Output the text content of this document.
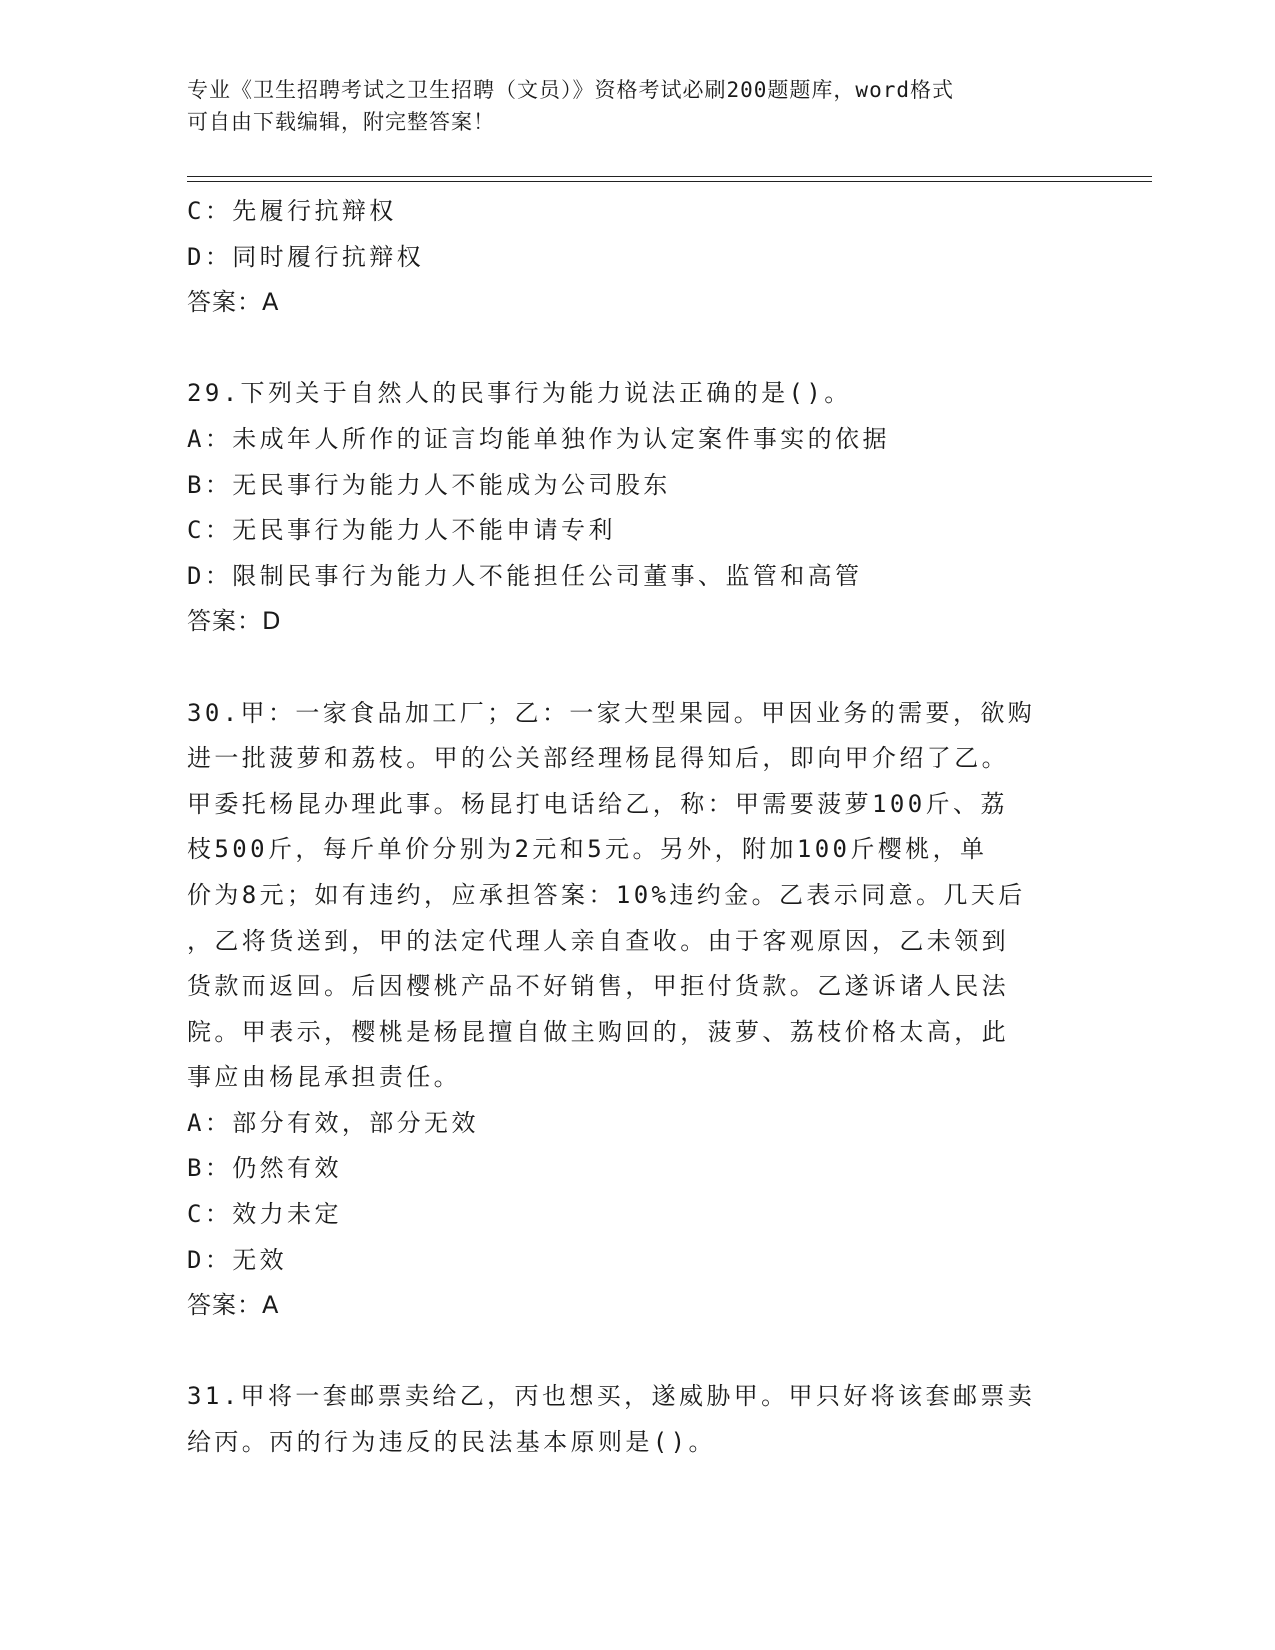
专业《卫生招聘考试之卫生招聘（文员）》资格考试必刷200题题库，word格式
可自由下载编辑，附完整答案！
C：先履行抗辩权
D：同时履行抗辩权
答案：A
29.下列关于自然人的民事行为能力说法正确的是()。
A：未成年人所作的证言均能单独作为认定案件事实的依据
B：无民事行为能力人不能成为公司股东
C：无民事行为能力人不能申请专利
D：限制民事行为能力人不能担任公司董事、监管和高管
答案：D
30.甲：一家食品加工厂；乙：一家大型果园。甲因业务的需要，欲购
进一批菠萝和荔枝。甲的公关部经理杨昆得知后，即向甲介绍了乙。
甲委托杨昆办理此事。杨昆打电话给乙，称：甲需要菠萝100斤、荔
枝500斤，每斤单价分别为2元和5元。另外，附加100斤樱桃，单
价为8元；如有违约，应承担答案：10%违约金。乙表示同意。几天后
，乙将货送到，甲的法定代理人亲自查收。由于客观原因，乙未领到
货款而返回。后因樱桃产品不好销售，甲拒付货款。乙遂诉诸人民法
院。甲表示，樱桃是杨昆擅自做主购回的，菠萝、荔枝价格太高，此
事应由杨昆承担责任。
A：部分有效，部分无效
B：仍然有效
C：效力未定
D：无效
答案：A
31.甲将一套邮票卖给乙，丙也想买，遂威胁甲。甲只好将该套邮票卖
给丙。丙的行为违反的民法基本原则是()。
